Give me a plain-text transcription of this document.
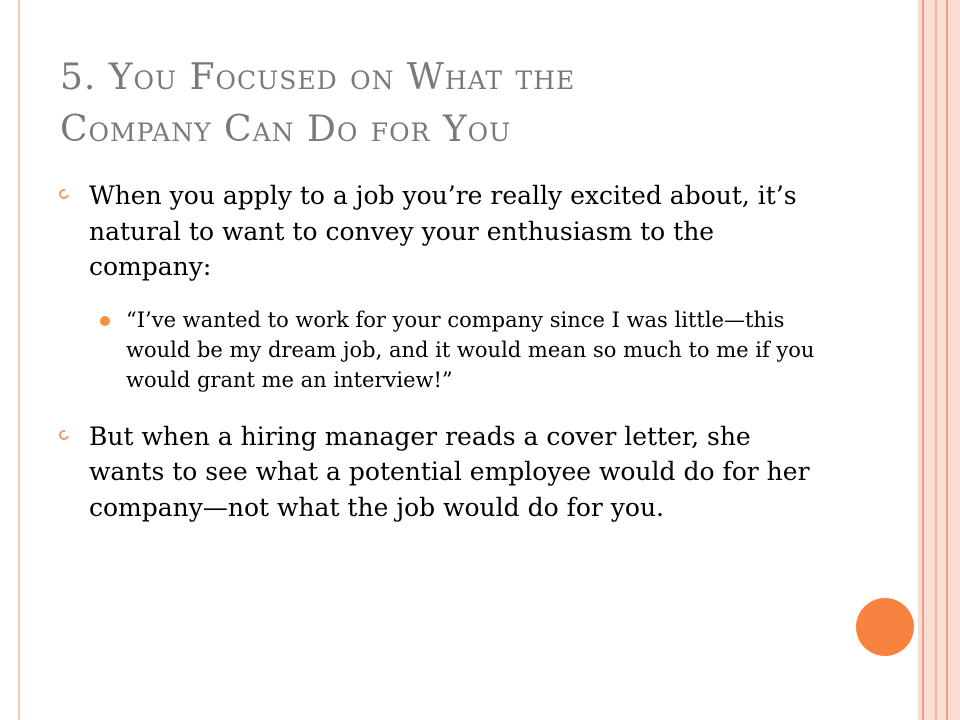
5. You Focused on What the
Company Can Do for You
When you apply to a job you’re really excited about, it’s natural to want to convey your enthusiasm to the company:
“I’ve wanted to work for your company since I was little—this would be my dream job, and it would mean so much to me if you would grant me an interview!”
But when a hiring manager reads a cover letter, she wants to see what a potential employee would do for her company—not what the job would do for you.
